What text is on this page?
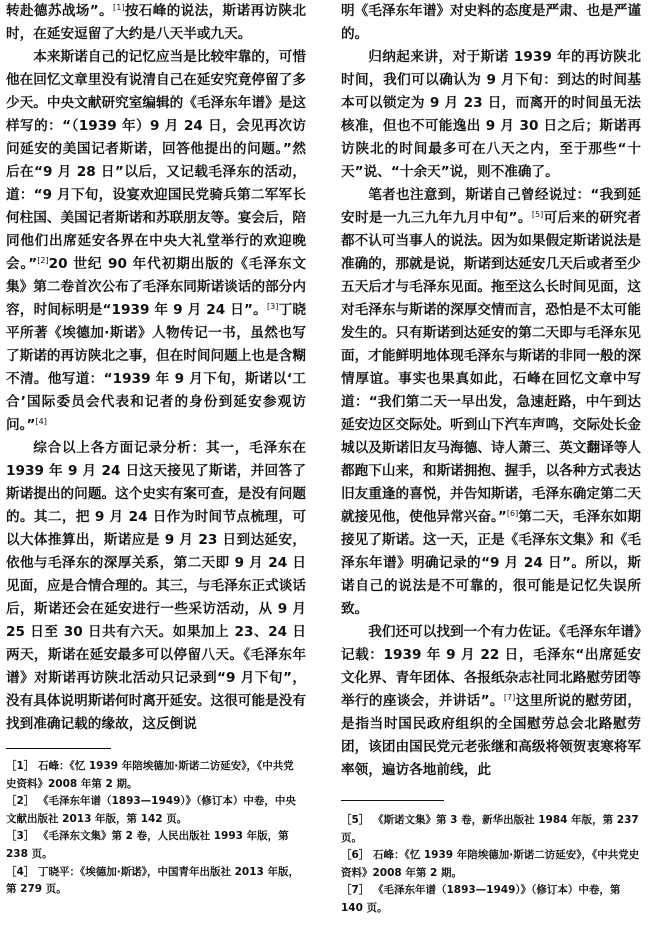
转赴德苏战场”。[1]按石峰的说法，斯诺再访陕北时，在延安逗留了大约是八天半或九天。

本来斯诺自己的记忆应当是比较牢靠的，可惜他在回忆文章里没有说清自己在延安究竟停留了多少天。中央文献研究室编辑的《毛泽东年谱》是这样写的：“（1939 年）9 月 24 日，会见再次访问延安的美国记者斯诺，回答他提出的问题。”然后在“9 月 28 日”以后，又记载毛泽东的活动，道：“9 月下旬，设宴欢迎国民党骑兵第二军军长何柱国、美国记者斯诺和苏联朋友等。宴会后，陪同他们出席延安各界在中央大礼堂举行的欢迎晚会。”[2]20 世纪 90 年代初期出版的《毛泽东文集》第二卷首次公布了毛泽东同斯诺谈话的部分内容，时间标明是“1939 年 9 月 24 日”。[3]丁晓平所著《埃德加·斯诺》人物传记一书，虽然也写了斯诺的再访陕北之事，但在时间问题上也是含糊不清。他写道：“1939 年 9 月下旬，斯诺以‘工合’国际委员会代表和记者的身份到延安参观访问。”[4]

综合以上各方面记录分析：其一，毛泽东在 1939 年 9 月 24 日这天接见了斯诺，并回答了斯诺提出的问题。这个史实有案可查，是没有问题的。其二，把 9 月 24 日作为时间节点梳理，可以大体推算出，斯诺应是 9 月 23 日到达延安，依他与毛泽东的深厚关系，第二天即 9 月 24 日见面，应是合情合理的。其三，与毛泽东正式谈话后，斯诺还会在延安进行一些采访活动，从 9 月 25 日至 30 日共有六天。如果加上 23、24 日两天，斯诺在延安最多可以停留八天。《毛泽东年谱》对斯诺再访陕北活动只记录到“9 月下旬”，没有具体说明斯诺何时离开延安。这很可能是没有找到准确记载的缘故，这反倒说

［1］ 石峰：《忆 1939 年陪埃德加·斯诺二访延安》，《中共党史资料》2008 年第 2 期。

［2］ 《毛泽东年谱（1893—1949）》（修订本）中卷，中央文献出版社 2013 年版，第 142 页。

［3］ 《毛泽东文集》第 2 卷，人民出版社 1993 年版，第 238 页。

［4］ 丁晓平：《埃德加·斯诺》，中国青年出版社 2013 年版，第 279 页。

明《毛泽东年谱》对史料的态度是严肃、也是严谨的。

归纳起来讲，对于斯诺 1939 年的再访陕北时间，我们可以确认为 9 月下旬：到达的时间基本可以锁定为 9 月 23 日，而离开的时间虽无法核准，但也不可能逸出 9 月 30 日之后；斯诺再访陕北的时间最多可在八天之内，至于那些“十天”说、“十余天”说，则不准确了。

笔者也注意到，斯诺自己曾经说过：“我到延安时是一九三九年九月中旬”。[5]可后来的研究者都不认可当事人的说法。因为如果假定斯诺说法是准确的，那就是说，斯诺到达延安几天后或者至少五天后才与毛泽东见面。拖至这么长时间见面，这对毛泽东与斯诺的深厚交情而言，恐怕是不太可能发生的。只有斯诺到达延安的第二天即与毛泽东见面，才能鲜明地体现毛泽东与斯诺的非同一般的深情厚谊。事实也果真如此，石峰在回忆文章中写道：“我们第二天一早出发，急速赶路，中午到达延安边区交际处。听到山下汽车声鸣，交际处长金城以及斯诺旧友马海德、诗人萧三、英文翻译等人都跑下山来，和斯诺拥抱、握手，以各种方式表达旧友重逢的喜悦，并告知斯诺，毛泽东确定第二天就接见他，使他异常兴奋。”[6]第二天，毛泽东如期接见了斯诺。这一天，正是《毛泽东文集》和《毛泽东年谱》明确记录的“9 月 24 日”。所以，斯诺自己的说法是不可靠的，很可能是记忆失误所致。

我们还可以找到一个有力佐证。《毛泽东年谱》记载：1939 年 9 月 22 日，毛泽东“出席延安文化界、青年团体、各报纸杂志社同北路慰劳团等举行的座谈会，并讲话”。[7]这里所说的慰劳团，是指当时国民政府组织的全国慰劳总会北路慰劳团，该团由国民党元老张继和高级将领贺衷寒将军率领，遍访各地前线，此

［5］ 《斯诺文集》第 3 卷，新华出版社 1984 年版，第 237 页。

［6］ 石峰：《忆 1939 年陪埃德加·斯诺二访延安》，《中共党史资料》2008 年第 2 期。

［7］ 《毛泽东年谱（1893—1949）》（修订本）中卷，第 140 页。
